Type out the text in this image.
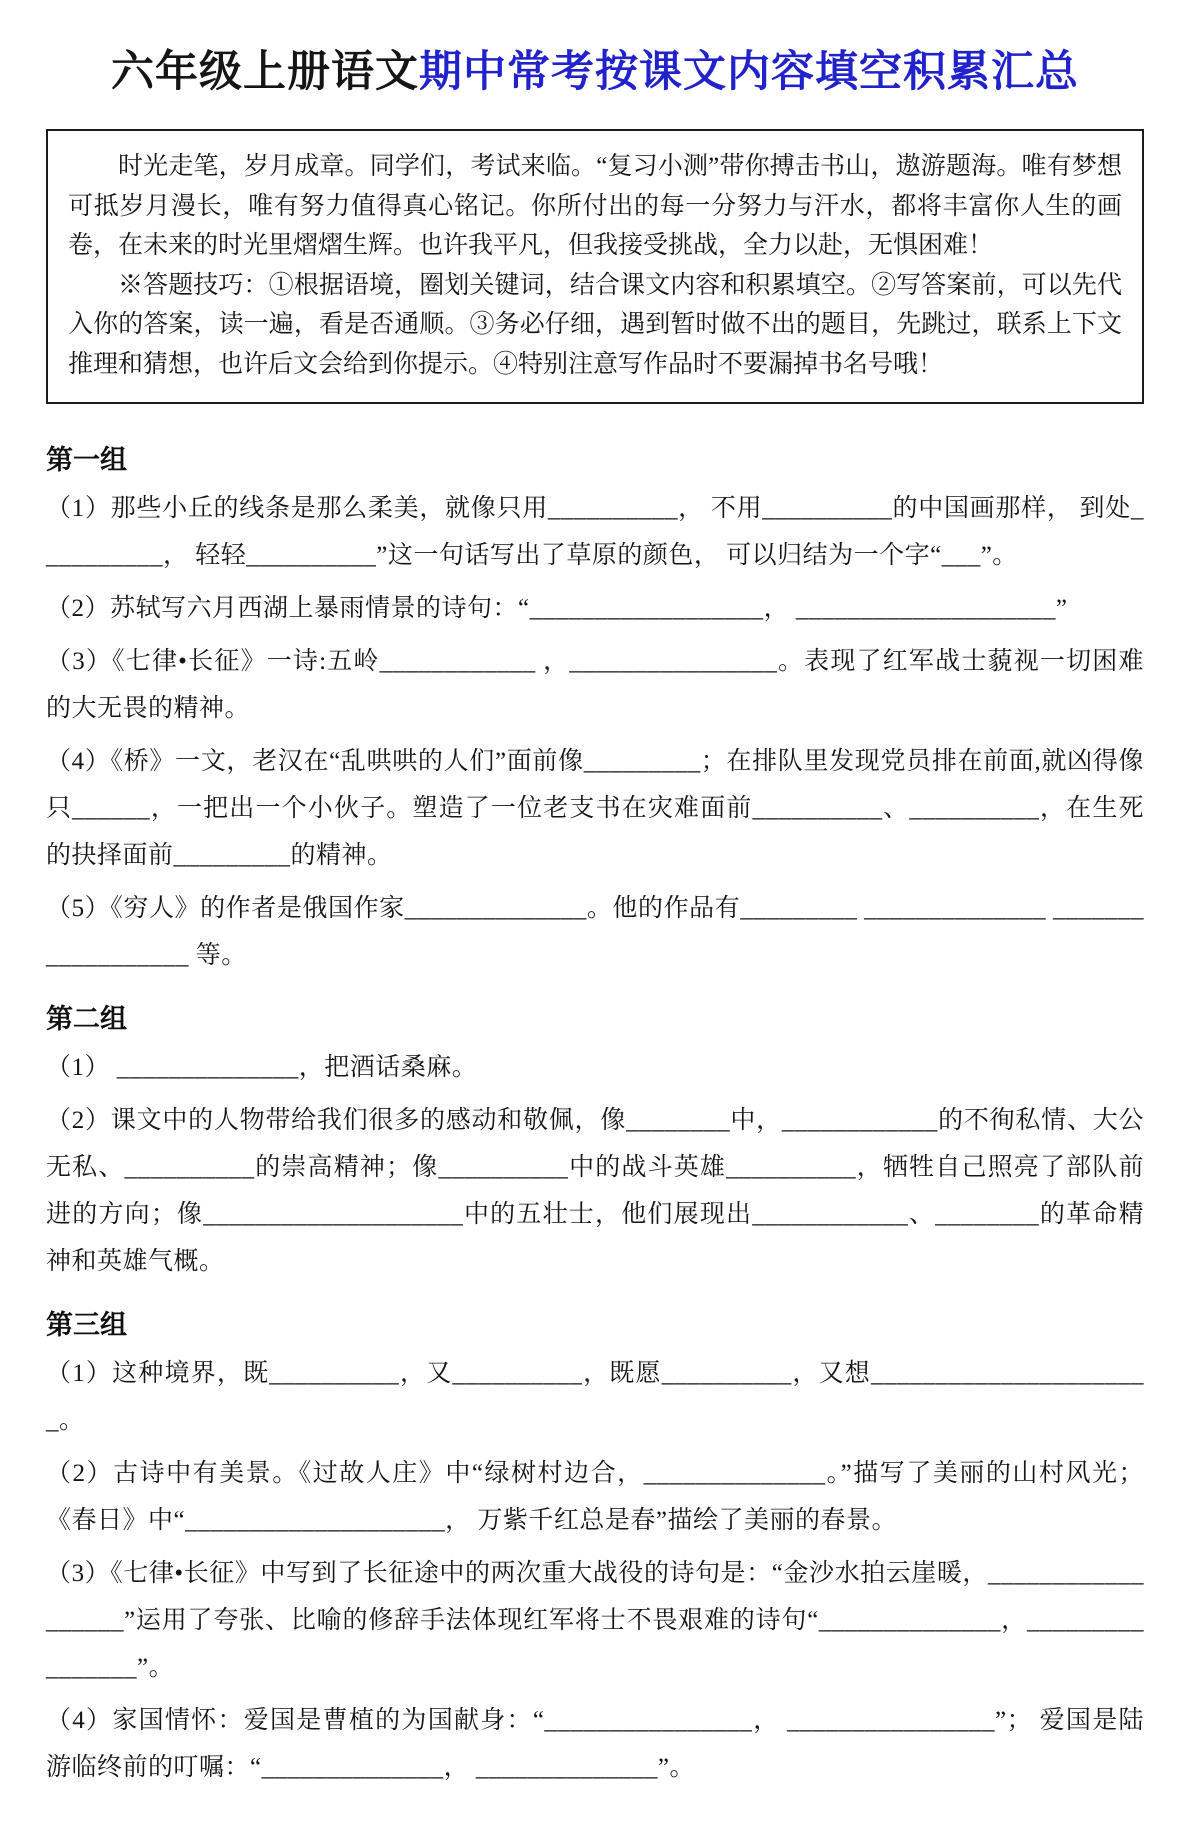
六年级上册语文期中常考按课文内容填空积累汇总

时光走笔，岁月成章。同学们，考试来临。“复习小测”带你搏击书山，遨游题海。唯有梦想可抵岁月漫长，唯有努力值得真心铭记。你所付出的每一分努力与汗水，都将丰富你人生的画卷，在未来的时光里熠熠生辉。也许我平凡，但我接受挑战，全力以赴，无惧困难！

※答题技巧：①根据语境，圈划关键词，结合课文内容和积累填空。②写答案前，可以先代入你的答案，读一遍，看是否通顺。③务必仔细，遇到暂时做不出的题目，先跳过，联系上下文推理和猜想，也许后文会给到你提示。④特别注意写作品时不要漏掉书名号哦！

第一组

（1）那些小丘的线条是那么柔美，就像只用__________， 不用__________的中国画那样， 到处__________， 轻轻__________”这一句话写出了草原的颜色， 可以归结为一个字“___”。

（2）苏轼写六月西湖上暴雨情景的诗句：“__________________， ____________________”

（3）《七律•长征》一诗:五岭____________ ，________________。表现了红军战士藐视一切困难的大无畏的精神。

（4）《桥》一文，老汉在“乱哄哄的人们”面前像_________；在排队里发现党员排在前面,就凶得像只______，一把出一个小伙子。塑造了一位老支书在灾难面前__________、__________，在生死的抉择面前_________的精神。

（5）《穷人》的作者是俄国作家______________。他的作品有_________ ______________ __________________ 等。

第二组

（1） ______________，把酒话桑麻。

（2）课文中的人物带给我们很多的感动和敬佩，像________中，____________的不徇私情、大公无私、__________的崇高精神；像__________中的战斗英雄__________，牺牲自己照亮了部队前进的方向；像____________________中的五壮士，他们展现出____________、________的革命精神和英雄气概。

第三组

（1）这种境界，既__________，又__________，既愿__________，又想______________________。

（2）古诗中有美景。《过故人庄》中“绿树村边合，______________。”描写了美丽的山村风光；《春日》中“____________________， 万紫千红总是春”描绘了美丽的春景。

（3）《七律•长征》中写到了长征途中的两次重大战役的诗句是：“金沙水拍云崖暖，__________________”运用了夸张、比喻的修辞手法体现红军将士不畏艰难的诗句“______________，________________”。

（4）家国情怀：爱国是曹植的为国献身：“________________， ________________”； 爱国是陆游临终前的叮嘱：“______________， ______________”。
